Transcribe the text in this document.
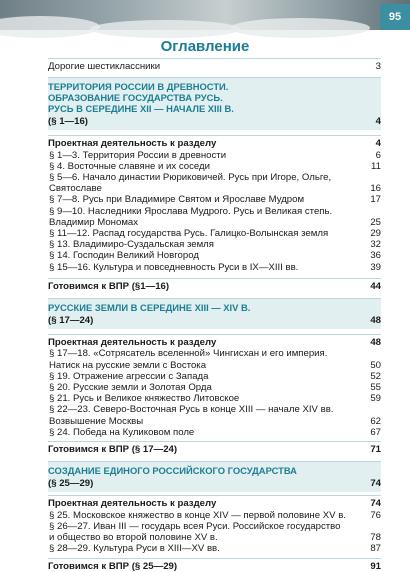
95
Оглавление
Дорогие шестиклассники	3
ТЕРРИТОРИЯ РОССИИ В ДРЕВНОСТИ.
ОБРАЗОВАНИЕ ГОСУДАРСТВА РУСЬ.
РУСЬ В СЕРЕДИНЕ XII — НАЧАЛЕ XIII В.
(§ 1—16)	4
Проектная деятельность к разделу	4
§ 1—3. Территория России в древности	6
§ 4. Восточные славяне и их соседи	11
§ 5—6. Начало династии Рюриковичей. Русь при Игоре, Ольге,
Святославе	16
§ 7—8. Русь при Владимире Святом и Ярославе Мудром	17
§ 9—10. Наследники Ярослава Мудрого. Русь и Великая степь.
Владимир Мономах	25
§ 11—12. Распад государства Русь. Галицко-Волынская земля	29
§ 13. Владимиро-Суздальская земля	32
§ 14. Господин Великий Новгород	36
§ 15—16. Культура и повседневность Руси в IX—XIII вв.	39
Готовимся к ВПР (§1—16)	44
РУССКИЕ ЗЕМЛИ В СЕРЕДИНЕ XIII — XIV В.
(§ 17—24)	48
Проектная деятельность к разделу	48
§ 17—18. «Сотрясатель вселенной» Чингисхан и его империя.
Натиск на русские земли с Востока	50
§ 19. Отражение агрессии с Запада	52
§ 20. Русские земли и Золотая Орда	55
§ 21. Русь и Великое княжество Литовское	59
§ 22—23. Северо-Восточная Русь в конце XIII — начале XIV вв.
Возвышение Москвы	62
§ 24. Победа на Куликовом поле	67
Готовимся к ВПР (§ 17—24)	71
СОЗДАНИЕ ЕДИНОГО РОССИЙСКОГО ГОСУДАРСТВА
(§ 25—29)	74
Проектная деятельность к разделу	74
§ 25. Московское княжество в конце XIV — первой половине XV в.	76
§ 26—27. Иван III — государь всея Руси. Российское государство
и общество во второй половине XV в.	78
§ 28—29. Культура Руси в XIII—XV вв.	87
Готовимся к ВПР (§ 25—29)	91
